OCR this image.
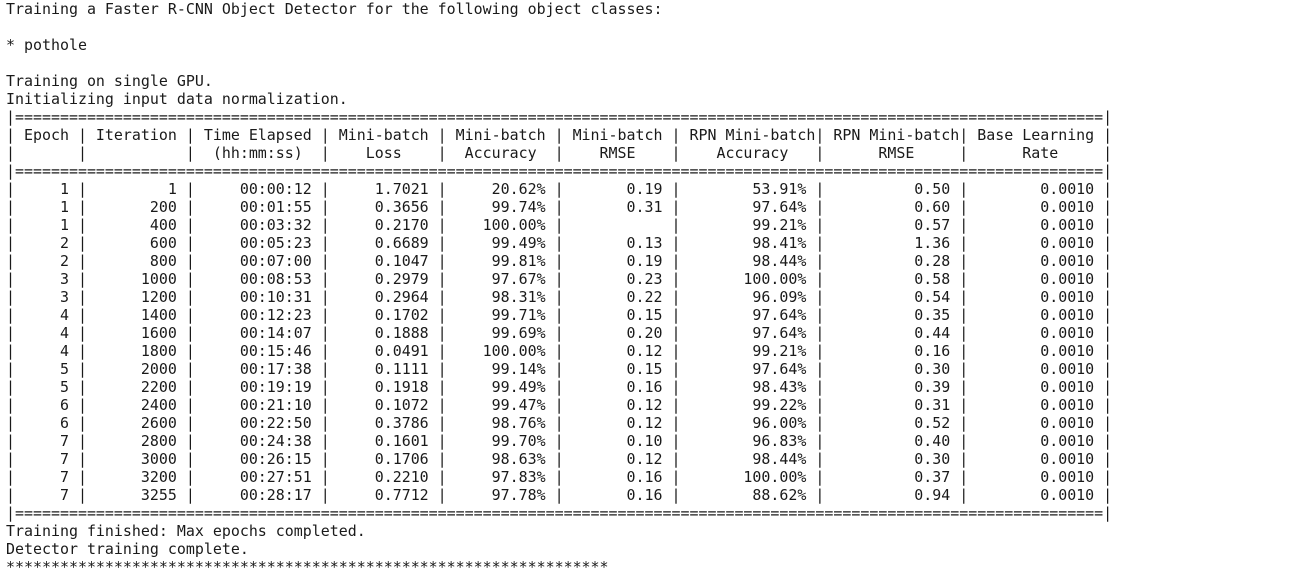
Training a Faster R-CNN Object Detector for the following object classes:
* pothole
Training on single GPU.
Initializing input data normalization.
|=========================================================================================================================|
|=========================================================================================================================|
|=========================================================================================================================|
| Epoch | Iteration | Time Elapsed | Mini-batch | Mini-batch | Mini-batch | RPN Mini-batch| RPN Mini-batch| Base Learning |
|       |           |  (hh:mm:ss)  |    Loss    |  Accuracy  |    RMSE    |    Accuracy   |      RMSE     |      Rate     |
|     1 |         1 |     00:00:12 |     1.7021 |     20.62% |       0.19 |        53.91% |          0.50 |        0.0010 |
|     1 |       200 |     00:01:55 |     0.3656 |     99.74% |       0.31 |        97.64% |          0.60 |        0.0010 |
|     1 |       400 |     00:03:32 |     0.2170 |    100.00% |            |        99.21% |          0.57 |        0.0010 |
|     2 |       600 |     00:05:23 |     0.6689 |     99.49% |       0.13 |        98.41% |          1.36 |        0.0010 |
|     2 |       800 |     00:07:00 |     0.1047 |     99.81% |       0.19 |        98.44% |          0.28 |        0.0010 |
|     3 |      1000 |     00:08:53 |     0.2979 |     97.67% |       0.23 |       100.00% |          0.58 |        0.0010 |
|     3 |      1200 |     00:10:31 |     0.2964 |     98.31% |       0.22 |        96.09% |          0.54 |        0.0010 |
|     4 |      1400 |     00:12:23 |     0.1702 |     99.71% |       0.15 |        97.64% |          0.35 |        0.0010 |
|     4 |      1600 |     00:14:07 |     0.1888 |     99.69% |       0.20 |        97.64% |          0.44 |        0.0010 |
|     4 |      1800 |     00:15:46 |     0.0491 |    100.00% |       0.12 |        99.21% |          0.16 |        0.0010 |
|     5 |      2000 |     00:17:38 |     0.1111 |     99.14% |       0.15 |        97.64% |          0.30 |        0.0010 |
|     5 |      2200 |     00:19:19 |     0.1918 |     99.49% |       0.16 |        98.43% |          0.39 |        0.0010 |
|     6 |      2400 |     00:21:10 |     0.1072 |     99.47% |       0.12 |        99.22% |          0.31 |        0.0010 |
|     6 |      2600 |     00:22:50 |     0.3786 |     98.76% |       0.12 |        96.00% |          0.52 |        0.0010 |
|     7 |      2800 |     00:24:38 |     0.1601 |     99.70% |       0.10 |        96.83% |          0.40 |        0.0010 |
|     7 |      3000 |     00:26:15 |     0.1706 |     98.63% |       0.12 |        98.44% |          0.30 |        0.0010 |
|     7 |      3200 |     00:27:51 |     0.2210 |     97.83% |       0.16 |       100.00% |          0.37 |        0.0010 |
|     7 |      3255 |     00:28:17 |     0.7712 |     97.78% |       0.16 |        88.62% |          0.94 |        0.0010 |
Training finished: Max epochs completed.
Detector training complete.
*******************************************************************
